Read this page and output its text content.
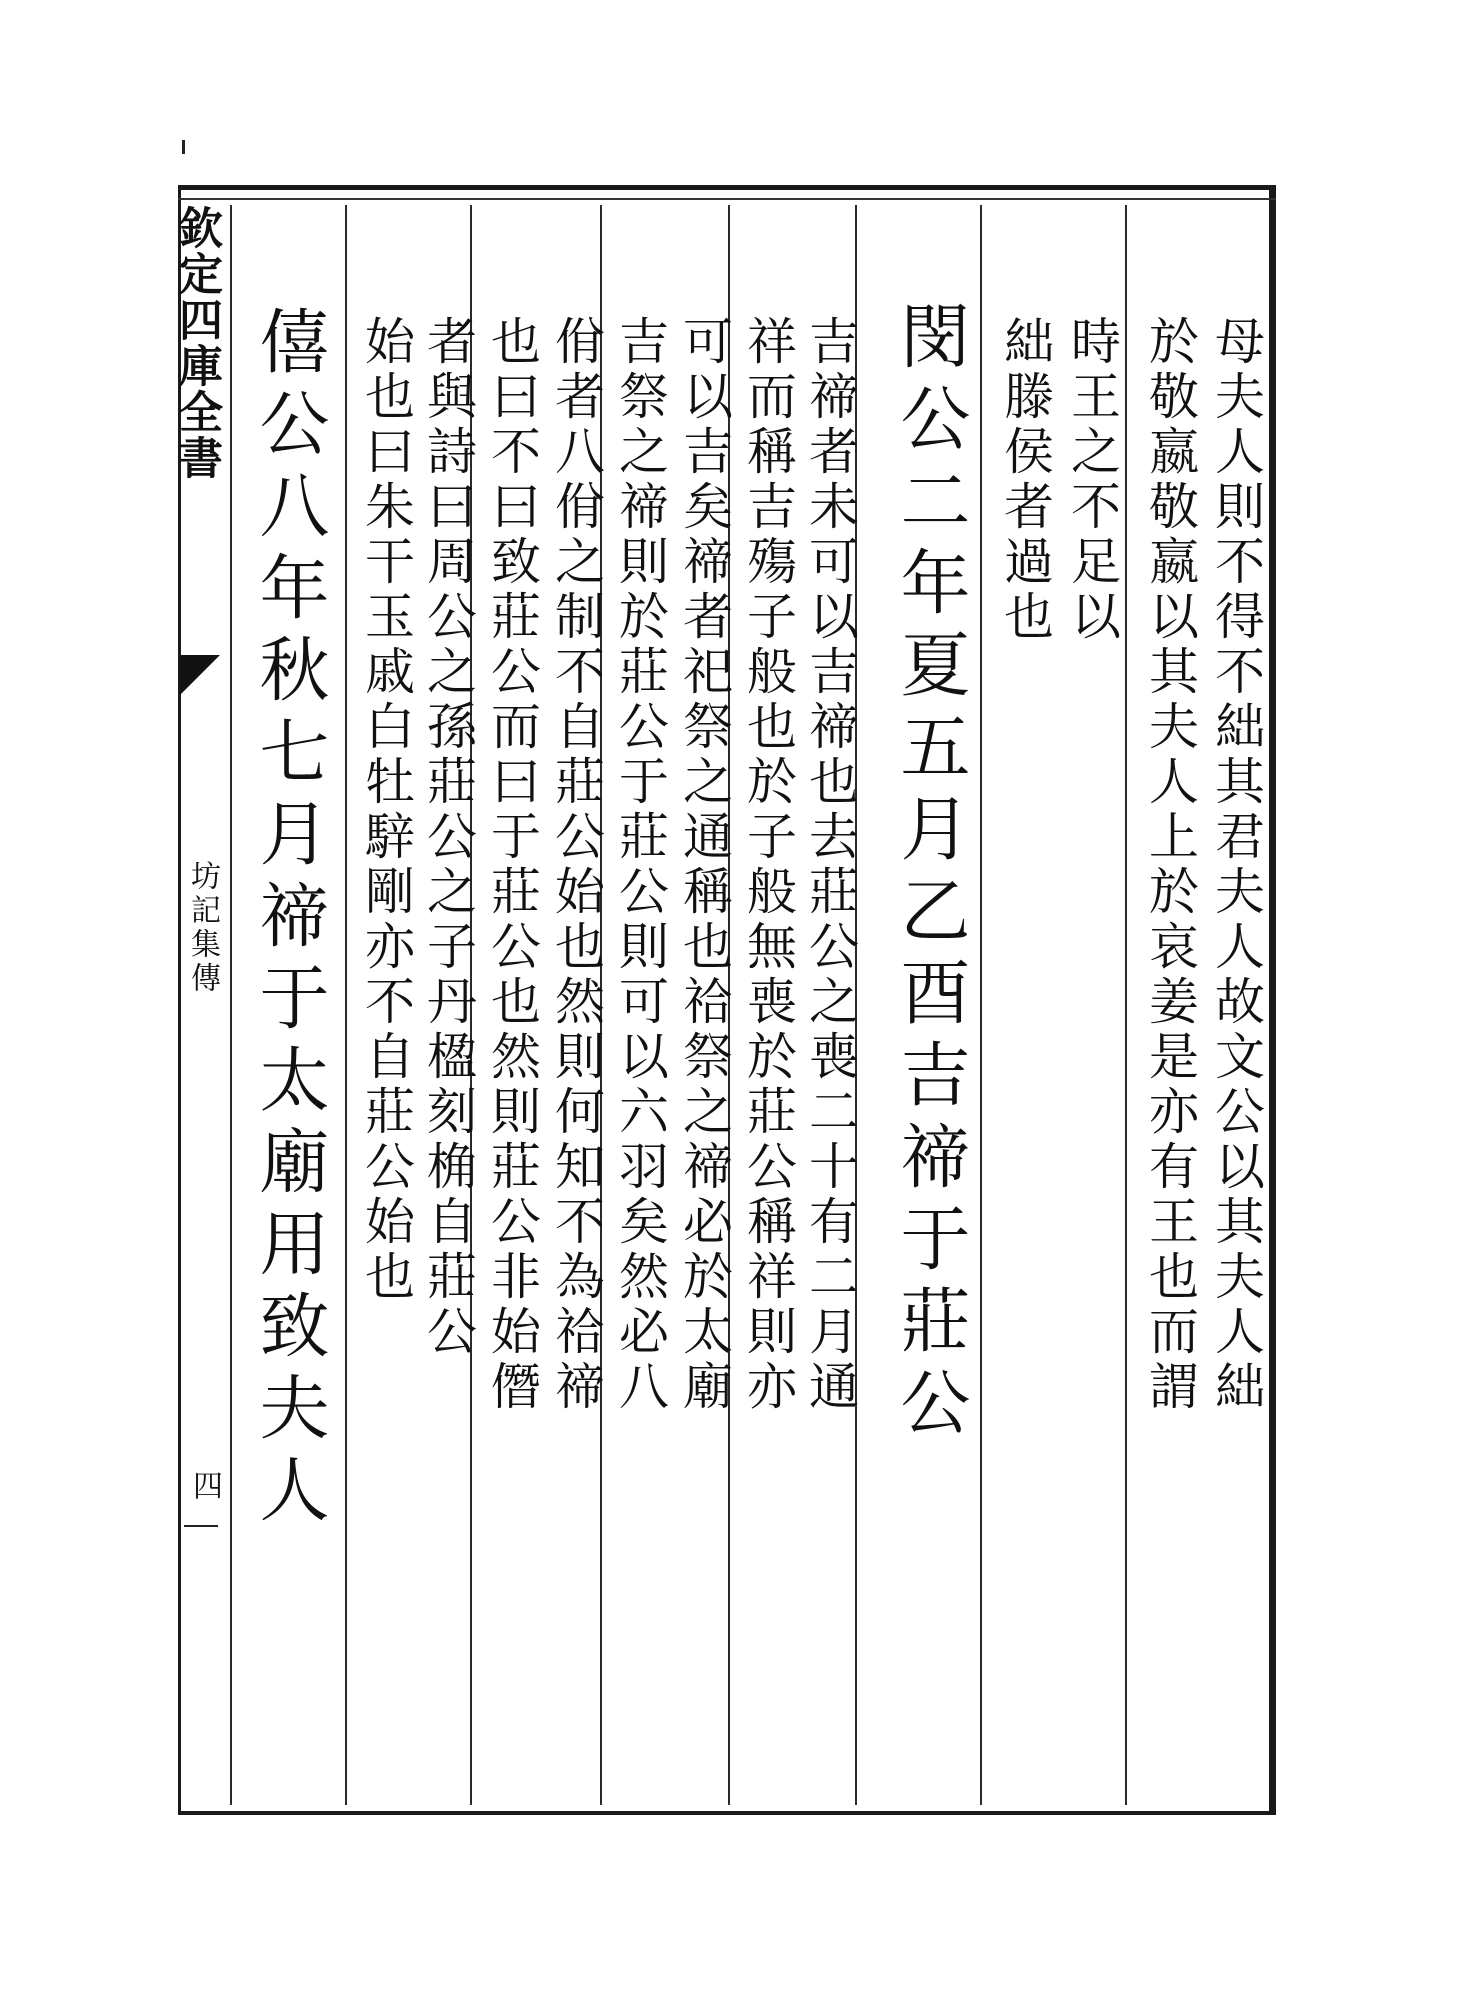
欽定四庫全書
坊記集傳
四
母夫人則不得不絀其君夫人故文公以其夫人絀
於敬嬴敬嬴以其夫人上於哀姜是亦有王也而謂
時王之不足以
絀滕侯者過也
閔公二年夏五月乙酉吉禘于莊公
吉禘者未可以吉禘也去莊公之喪二十有二月通
祥而稱吉殤子般也於子般無喪於莊公稱祥則亦
可以吉矣禘者祀祭之通稱也祫祭之禘必於太廟
吉祭之禘則於莊公于莊公則可以六羽矣然必八
佾者八佾之制不自莊公始也然則何知不為祫禘
也曰不曰致莊公而曰于莊公也然則莊公非始僭
者與詩曰周公之孫莊公之子丹楹刻桷自莊公
始也曰朱干玉戚白牡騂剛亦不自莊公始也
僖公八年秋七月禘于太廟用致夫人
